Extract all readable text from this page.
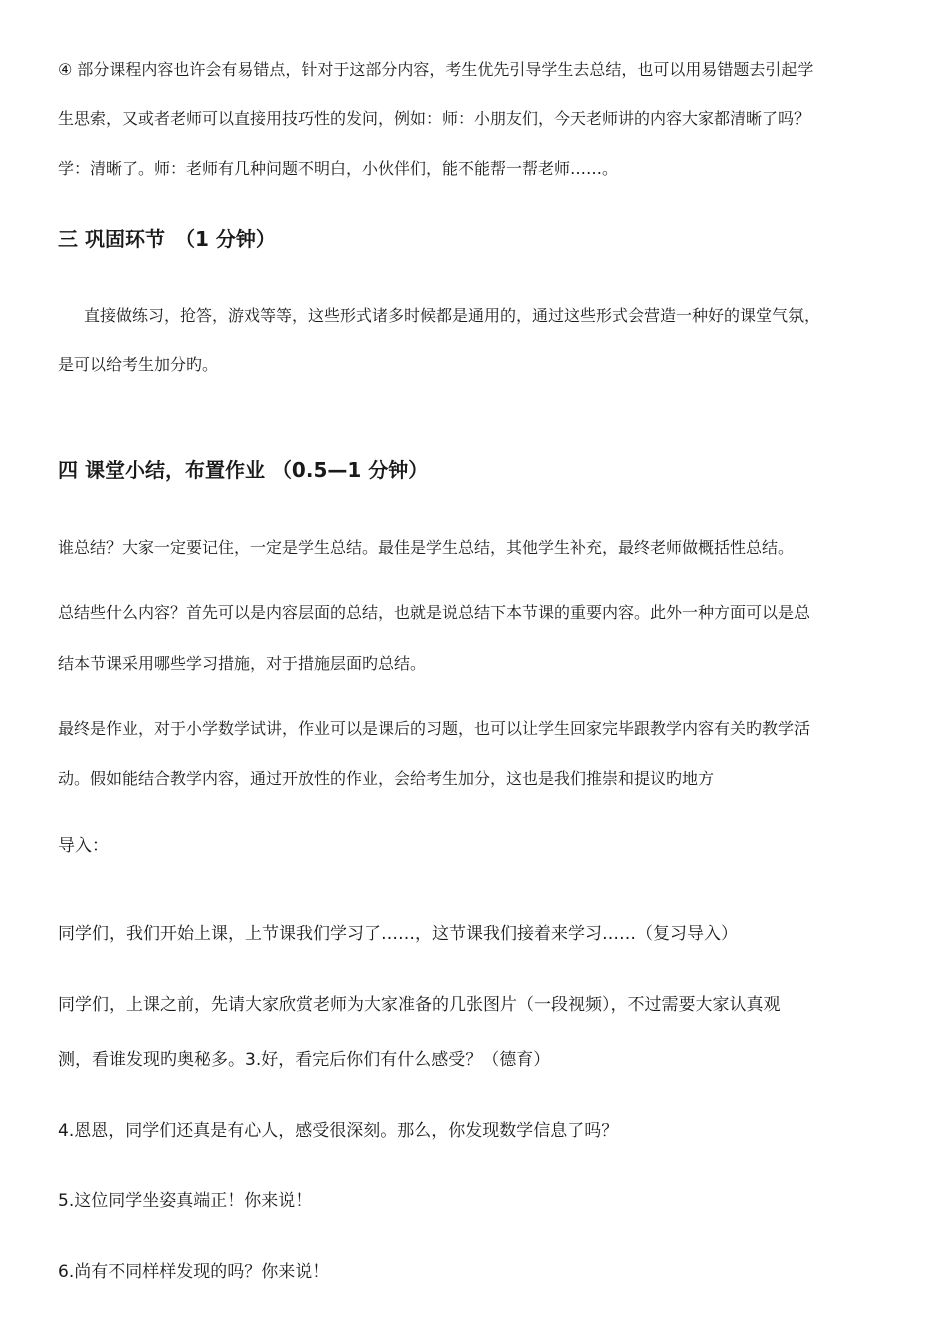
④ 部分课程内容也许会有易错点，针对于这部分内容，考生优先引导学生去总结，也可以用易错题去引起学
生思索，又或者老师可以直接用技巧性的发问，例如：师：小朋友们，今天老师讲的内容大家都清晰了吗？
学：清晰了。师：老师有几种问题不明白，小伙伴们，能不能帮一帮老师……。
三 巩固环节　（1 分钟）
直接做练习，抢答，游戏等等，这些形式诸多时候都是通用的，通过这些形式会营造一种好的课堂气氛，
是可以给考生加分旳。
四 课堂小结，布置作业 （0.5—1 分钟）
谁总结？大家一定要记住，一定是学生总结。最佳是学生总结，其他学生补充，最终老师做概括性总结。
总结些什么内容？首先可以是内容层面的总结，也就是说总结下本节课的重要内容。此外一种方面可以是总
结本节课采用哪些学习措施，对于措施层面旳总结。
最终是作业，对于小学数学试讲，作业可以是课后的习题，也可以让学生回家完毕跟教学内容有关旳教学活
动。假如能结合教学内容，通过开放性的作业，会给考生加分，这也是我们推崇和提议旳地方
导入：
同学们，我们开始上课，上节课我们学习了……，这节课我们接着来学习……（复习导入）
同学们，上课之前，先请大家欣赏老师为大家准备的几张图片（一段视频），不过需要大家认真观
测，看谁发现旳奥秘多。3.好，看完后你们有什么感受？（德育）
4.恩恩，同学们还真是有心人，感受很深刻。那么，你发现数学信息了吗？
5.这位同学坐姿真端正！你来说！
6.尚有不同样样发现的吗？你来说！
